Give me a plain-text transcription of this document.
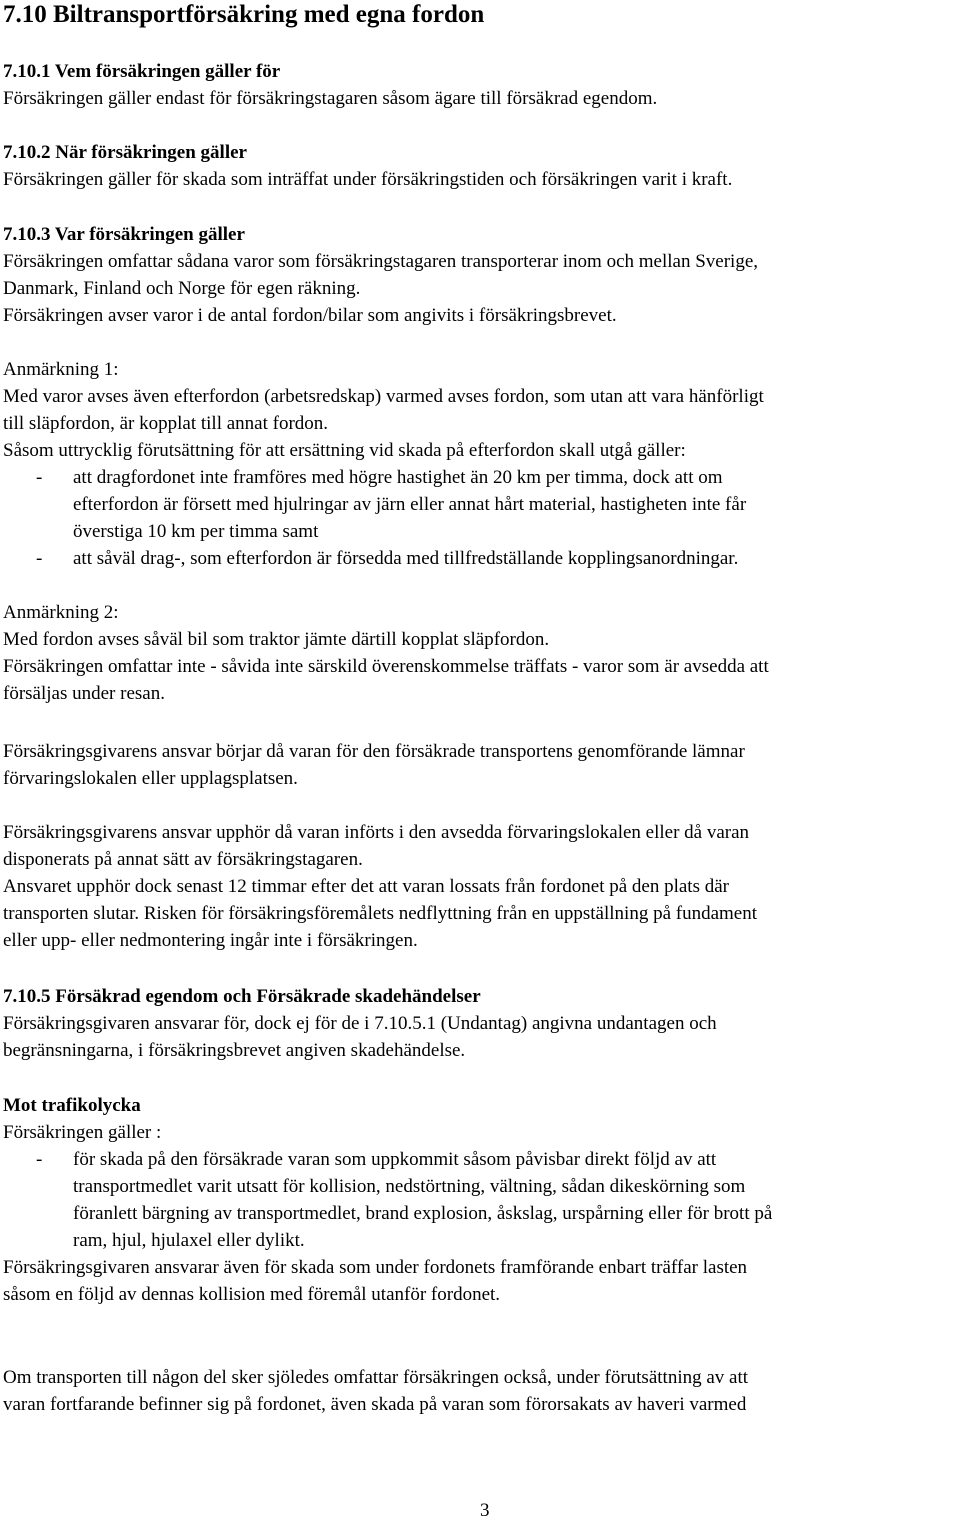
7.10 Biltransportförsäkring med egna fordon
7.10.1 Vem försäkringen gäller för
Försäkringen gäller endast för försäkringstagaren såsom ägare till försäkrad egendom.
7.10.2 När försäkringen gäller
Försäkringen gäller för skada som inträffat under försäkringstiden och försäkringen varit i kraft.
7.10.3 Var försäkringen gäller
Försäkringen omfattar sådana varor som försäkringstagaren transporterar inom och mellan Sverige,
Danmark, Finland och Norge för egen räkning.
Försäkringen avser varor i de antal fordon/bilar som angivits i försäkringsbrevet.
Anmärkning 1:
Med varor avses även efterfordon (arbetsredskap) varmed avses fordon, som utan att vara hänförligt
till släpfordon, är kopplat till annat fordon.
Såsom uttrycklig förutsättning för att ersättning vid skada på efterfordon skall utgå gäller:
- att dragfordonet inte framföres med högre hastighet än 20 km per timma, dock att om
efterfordon är försett med hjulringar av järn eller annat hårt material, hastigheten inte får
överstiga 10 km per timma samt
- att såväl drag-, som efterfordon är försedda med tillfredställande kopplingsanordningar.
Anmärkning 2:
Med fordon avses såväl bil som traktor jämte därtill kopplat släpfordon.
Försäkringen omfattar inte - såvida inte särskild överenskommelse träffats - varor som är avsedda att
försäljas under resan.
Försäkringsgivarens ansvar börjar då varan för den försäkrade transportens genomförande lämnar
förvaringslokalen eller upplagsplatsen.
Försäkringsgivarens ansvar upphör då varan införts i den avsedda förvaringslokalen eller då varan
disponerats på annat sätt av försäkringstagaren.
Ansvaret upphör dock senast 12 timmar efter det att varan lossats från fordonet på den plats där
transporten slutar. Risken för försäkringsföremålets nedflyttning från en uppställning på fundament
eller upp- eller nedmontering ingår inte i försäkringen.
7.10.5 Försäkrad egendom och Försäkrade skadehändelser
Försäkringsgivaren ansvarar för, dock ej för de i 7.10.5.1 (Undantag) angivna undantagen och
begränsningarna, i försäkringsbrevet angiven skadehändelse.
Mot trafikolycka
Försäkringen gäller :
- för skada på den försäkrade varan som uppkommit såsom påvisbar direkt följd av att
transportmedlet varit utsatt för kollision, nedstörtning, vältning, sådan dikeskörning som
föranlett bärgning av transportmedlet, brand explosion, åskslag, urspårning eller för brott på
ram, hjul, hjulaxel eller dylikt.
Försäkringsgivaren ansvarar även för skada som under fordonets framförande enbart träffar lasten
såsom en följd av dennas kollision med föremål utanför fordonet.
Om transporten till någon del sker sjöledes omfattar försäkringen också, under förutsättning av att
varan fortfarande befinner sig på fordonet, även skada på varan som förorsakats av haveri varmed
3
